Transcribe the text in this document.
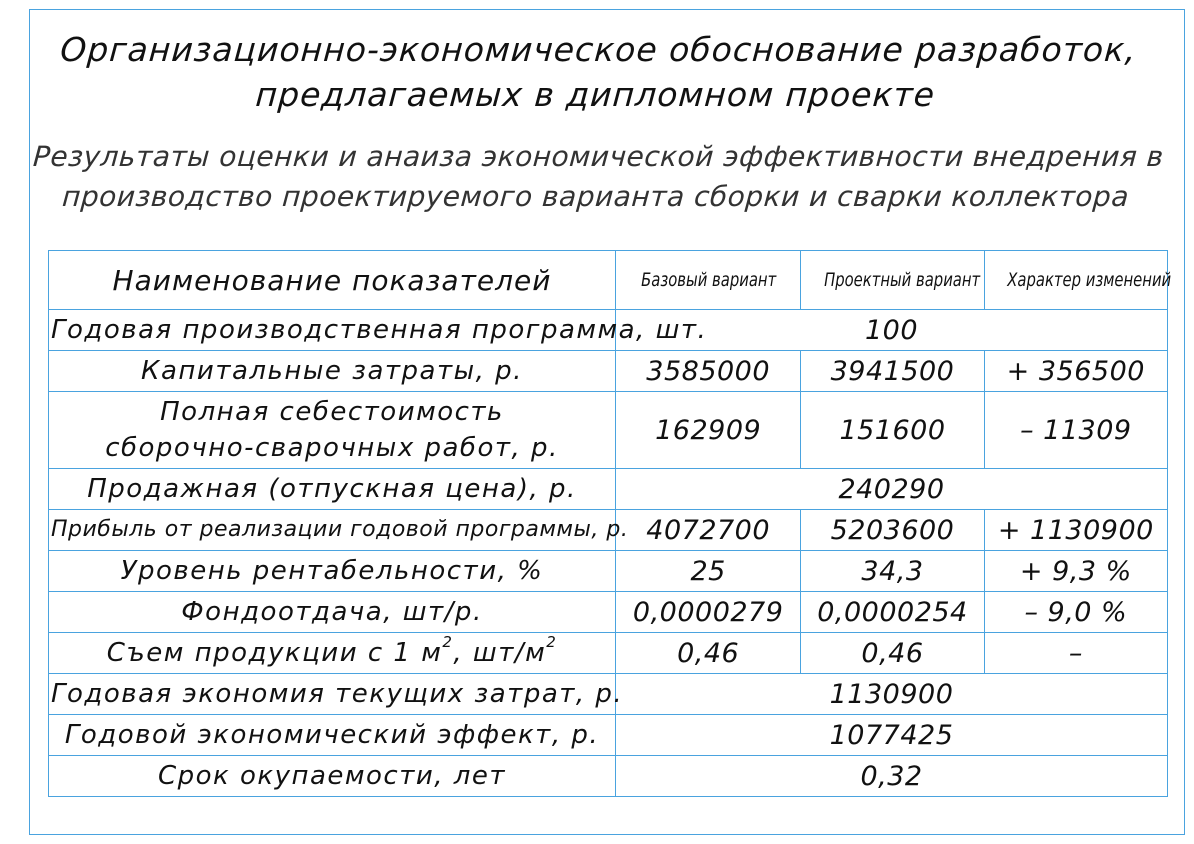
Организационно-экономическое обоснование разработок,
предлагаемых в дипломном проекте

Результаты оценки и анаиза экономической эффективности внедрения в
производство проектируемого варианта сборки и сварки коллектора

Наименование показателей	Базовый вариант	Проектный вариант	Характер изменений
Годовая производственная программа, шт.	100		
Капитальные затраты, р.	3585000	3941500	+ 356500

Полная себестоимость
сборочно-сварочных работ, р.	162909	151600	– 11309
Продажная (отпускная цена), р.	240290		
Прибыль от реализации годовой программы, р.	4072700	5203600	+ 1130900
Уровень рентабельности, %	25	34,3	+ 9,3 %
Фондоотдача, шт/р.	0,0000279	0,0000254	– 9,0 %
Съем продукции с 1 $м^2$, $шт/м^2$	0,46	0,46	–
Годовая экономия текущих затрат, р.	1130900		
Годовой экономический эффект, р.	1077425		
Срок окупаемости, лет	0,32		
